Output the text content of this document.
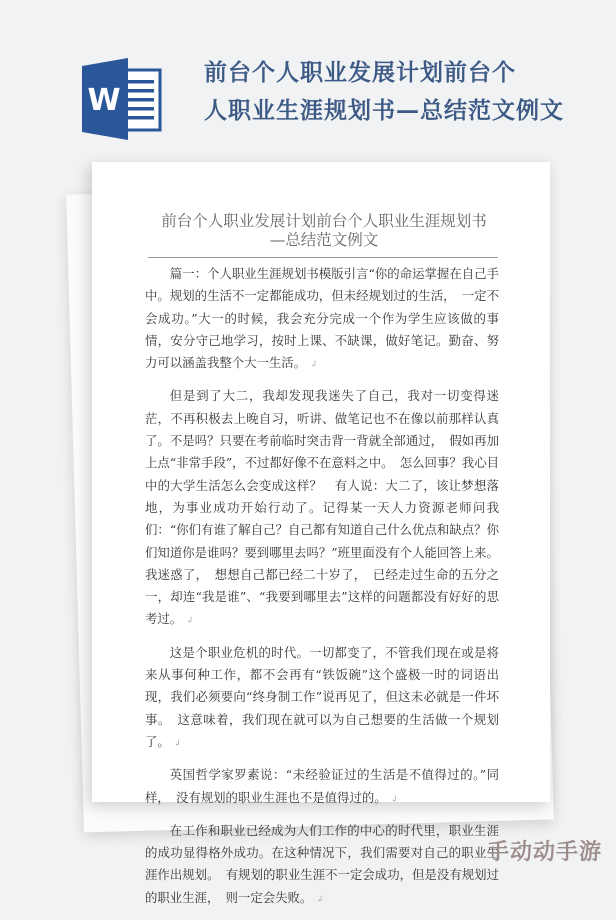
W
前台个人职业发展计划前台个
人职业生涯规划书—总结范文例文
前台个人职业发展计划前台个人职业生涯规划书—总结范文例文

篇一：个人职业生涯规划书模版引言“你的命运掌握在自己手中。规划的生活不一定都能成功，但未经规划过的生活，　一定不会成功。”大一的时候，我会充分完成一个作为学生应该做的事情，安分守己地学习，按时上课、不缺课，做好笔记。勤奋、努力可以涵盖我整个大一生活。 ↲

但是到了大二，我却发现我迷失了自己，我对一切变得迷茫，不再积极去上晚自习，听讲、做笔记也不在像以前那样认真了。不是吗？只要在考前临时突击背一背就全部通过，　假如再加上点“非常手段”，不过都好像不在意料之中。　怎么回事？我心目中的大学生活怎么会变成这样？　有人说：大二了，该让梦想落地，为事业成功开始行动了。记得某一天人力资源老师问我们：“你们有谁了解自己？自己都有知道自己什么优点和缺点？你们知道你是谁吗？要到哪里去吗？”班里面没有个人能回答上来。我迷惑了，　想想自己都已经二十岁了，　已经走过生命的五分之一，却连“我是谁”、“我要到哪里去”这样的问题都没有好好的思考过。 ↲

这是个职业危机的时代。一切都变了，不管我们现在或是将来从事何种工作，都不会再有“铁饭碗”这个盛极一时的词语出现，我们必须要向“终身制工作”说再见了，但这未必就是一件坏事。　这意味着，我们现在就可以为自己想要的生活做一个规划了。 ↲

英国哲学家罗素说：“未经验证过的生活是不值得过的。”同样，　没有规划的职业生涯也不是值得过的。 ↲

在工作和职业已经成为人们工作的中心的时代里，职业生涯的成功显得格外成功。在这种情况下，我们需要对自己的职业生涯作出规划。　有规划的职业生涯不一定会成功，但是没有规划过的职业生涯，　则一定会失败。 ↲

手动动手游
